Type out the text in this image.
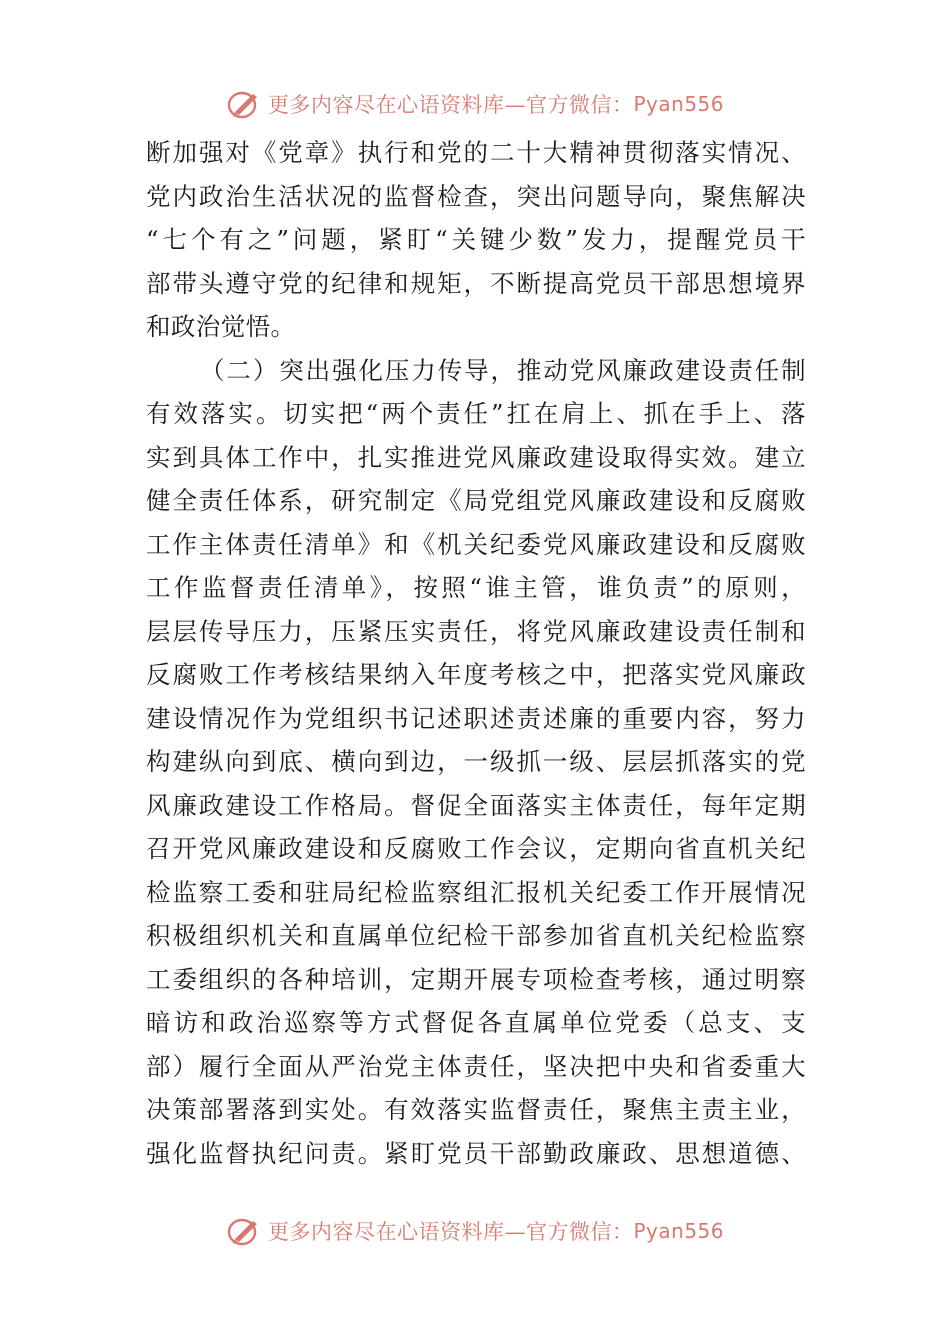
更多内容尽在心语资料库—官方微信： Pyan556
断加强对《党章》执行和党的二十大精神贯彻落实情况、
党内政治生活状况的监督检查，突出问题导向，聚焦解决
“七个有之”问题，紧盯“关键少数”发力，提醒党员干
部带头遵守党的纪律和规矩，不断提高党员干部思想境界
和政治觉悟。
（二）突出强化压力传导，推动党风廉政建设责任制
有效落实。切实把“两个责任”扛在肩上、抓在手上、落
实到具体工作中，扎实推进党风廉政建设取得实效。建立
健全责任体系，研究制定《局党组党风廉政建设和反腐败
工作主体责任清单》和《机关纪委党风廉政建设和反腐败
工作监督责任清单》，按照“谁主管，谁负责”的原则，
层层传导压力，压紧压实责任，将党风廉政建设责任制和
反腐败工作考核结果纳入年度考核之中，把落实党风廉政
建设情况作为党组织书记述职述责述廉的重要内容，努力
构建纵向到底、横向到边，一级抓一级、层层抓落实的党
风廉政建设工作格局。督促全面落实主体责任，每年定期
召开党风廉政建设和反腐败工作会议，定期向省直机关纪
检监察工委和驻局纪检监察组汇报机关纪委工作开展情况
积极组织机关和直属单位纪检干部参加省直机关纪检监察
工委组织的各种培训，定期开展专项检查考核，通过明察
暗访和政治巡察等方式督促各直属单位党委（总支、支
部）履行全面从严治党主体责任，坚决把中央和省委重大
决策部署落到实处。有效落实监督责任，聚焦主责主业，
强化监督执纪问责。紧盯党员干部勤政廉政、思想道德、
更多内容尽在心语资料库—官方微信： Pyan556
